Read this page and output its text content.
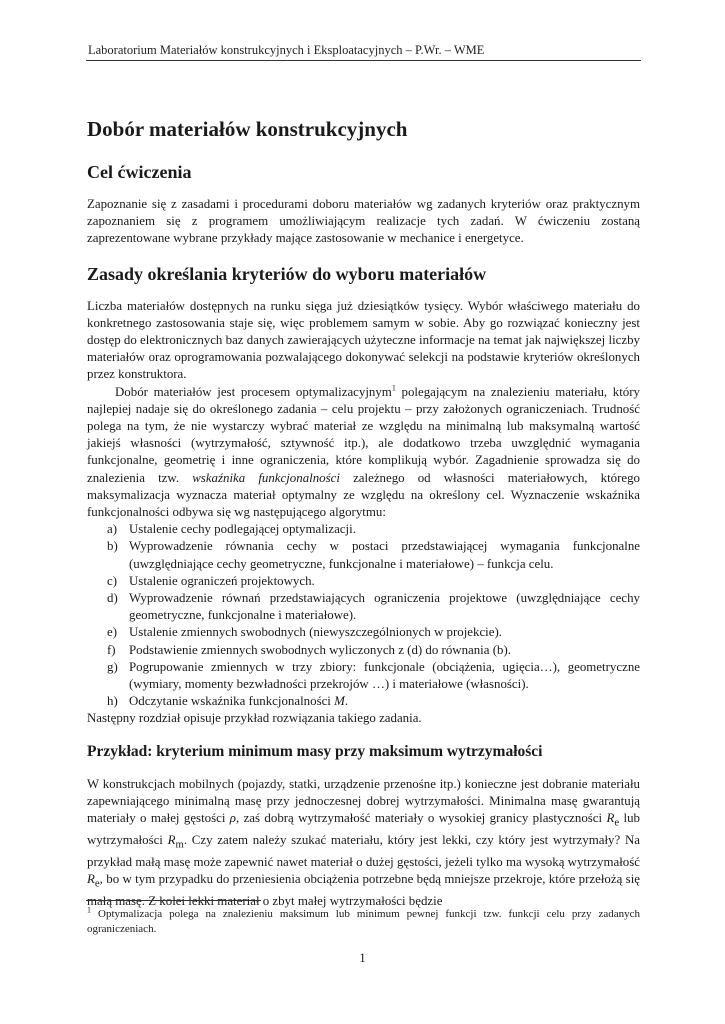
Laboratorium Materiałów konstrukcyjnych i Eksploatacyjnych – P.Wr. – WME
Dobór materiałów konstrukcyjnych
Cel ćwiczenia

Zapoznanie się z zasadami i procedurami doboru materiałów wg zadanych kryteriów oraz praktycznym zapoznaniem się z programem umożliwiającym realizacje tych zadań. W ćwiczeniu zostaną zaprezentowane wybrane przykłady mające zastosowanie w mechanice i energetyce.

Zasady określania kryteriów do wyboru materiałów

Liczba materiałów dostępnych na runku sięga już dziesiątków tysięcy. Wybór właściwego materiału do konkretnego zastosowania staje się, więc problemem samym w sobie. Aby go rozwiązać konieczny jest dostęp do elektronicznych baz danych zawierających użyteczne informacje na temat jak największej liczby materiałów oraz oprogramowania pozwalającego dokonywać selekcji na podstawie kryteriów określonych przez konstruktora.

Dobór materiałów jest procesem optymalizacyjnym$^1$ polegającym na znalezieniu materiału, który najlepiej nadaje się do określonego zadania – celu projektu – przy założonych ograniczeniach. Trudność polega na tym, że nie wystarczy wybrać materiał ze względu na minimalną lub maksymalną wartość jakiejś własności (wytrzymałość, sztywność itp.), ale dodatkowo trzeba uwzględnić wymagania funkcjonalne, geometrię i inne ograniczenia, które komplikują wybór. Zagadnienie sprowadza się do znalezienia tzw. wskaźnika funkcjonalności zależnego od własności materiałowych, którego maksymalizacja wyznacza materiał optymalny ze względu na określony cel. Wyznaczenie wskaźnika funkcjonalności odbywa się wg następującego algorytmu:

a) Ustalenie cechy podlegającej optymalizacji.
b) Wyprowadzenie równania cechy w postaci przedstawiającej wymagania funkcjonalne (uwzględniające cechy geometryczne, funkcjonalne i materiałowe) – funkcja celu.
c) Ustalenie ograniczeń projektowych.
d) Wyprowadzenie równań przedstawiających ograniczenia projektowe (uwzględniające cechy geometryczne, funkcjonalne i materiałowe).
e) Ustalenie zmiennych swobodnych (niewyszczególnionych w projekcie).
f) Podstawienie zmiennych swobodnych wyliczonych z (d) do równania (b).
g) Pogrupowanie zmiennych w trzy zbiory: funkcjonale (obciążenia, ugięcia…), geometryczne (wymiary, momenty bezwładności przekrojów …) i materiałowe (własności).
h) Odczytanie wskaźnika funkcjonalności M.

Następny rozdział opisuje przykład rozwiązania takiego zadania.

Przykład: kryterium minimum masy przy maksimum wytrzymałości

W konstrukcjach mobilnych (pojazdy, statki, urządzenie przenośne itp.) konieczne jest dobranie materiału zapewniającego minimalną masę przy jednoczesnej dobrej wytrzymałości. Minimalna masę gwarantują materiały o małej gęstości ρ, zaś dobrą wytrzymałość materiały o wysokiej granicy plastyczności $R_e$ lub wytrzymałości $R_m$. Czy zatem należy szukać materiału, który jest lekki, czy który jest wytrzymały? Na przykład małą masę może zapewnić nawet materiał o dużej gęstości, jeżeli tylko ma wysoką wytrzymałość $R_e$, bo w tym przypadku do przeniesienia obciążenia potrzebne będą mniejsze przekroje, które przełożą się małą masę. Z kolei lekki materiał o zbyt małej wytrzymałości będzie

$^1$ Optymalizacja polega na znalezieniu maksimum lub minimum pewnej funkcji tzw. funkcji celu przy zadanych ograniczeniach.
1
